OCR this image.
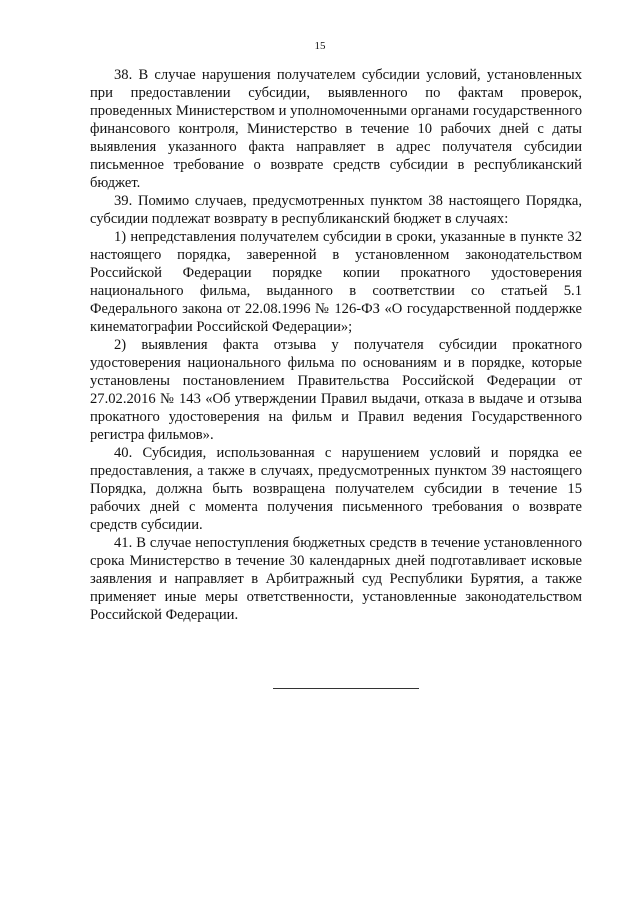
15

38. В случае нарушения получателем субсидии условий, установленных при предоставлении субсидии, выявленного по фактам проверок, проведенных Министерством и уполномоченными органами государственного финансового контроля, Министерство в течение 10 рабочих дней с даты выявления указанного факта направляет в адрес получателя субсидии письменное требование о возврате средств субсидии в республиканский бюджет.

39. Помимо случаев, предусмотренных пунктом 38 настоящего Порядка, субсидии подлежат возврату в республиканский бюджет в случаях:

1) непредставления получателем субсидии в сроки, указанные в пункте 32 настоящего порядка, заверенной в установленном законодательством Российской Федерации порядке копии прокатного удостоверения национального фильма, выданного в соответствии со статьей 5.1 Федерального закона от 22.08.1996 № 126-ФЗ «О государственной поддержке кинематографии Российской Федерации»;

2) выявления факта отзыва у получателя субсидии прокатного удостоверения национального фильма по основаниям и в порядке, которые установлены постановлением Правительства Российской Федерации от 27.02.2016 № 143 «Об утверждении Правил выдачи, отказа в выдаче и отзыва прокатного удостоверения на фильм и Правил ведения Государственного регистра фильмов».

40. Субсидия, использованная с нарушением условий и порядка ее предоставления, а также в случаях, предусмотренных пунктом 39 настоящего Порядка, должна быть возвращена получателем субсидии в течение 15 рабочих дней с момента получения письменного требования о возврате средств субсидии.

41. В случае непоступления бюджетных средств в течение установленного срока Министерство в течение 30 календарных дней подготавливает исковые заявления и направляет в Арбитражный суд Республики Бурятия, а также применяет иные меры ответственности, установленные законодательством Российской Федерации.
